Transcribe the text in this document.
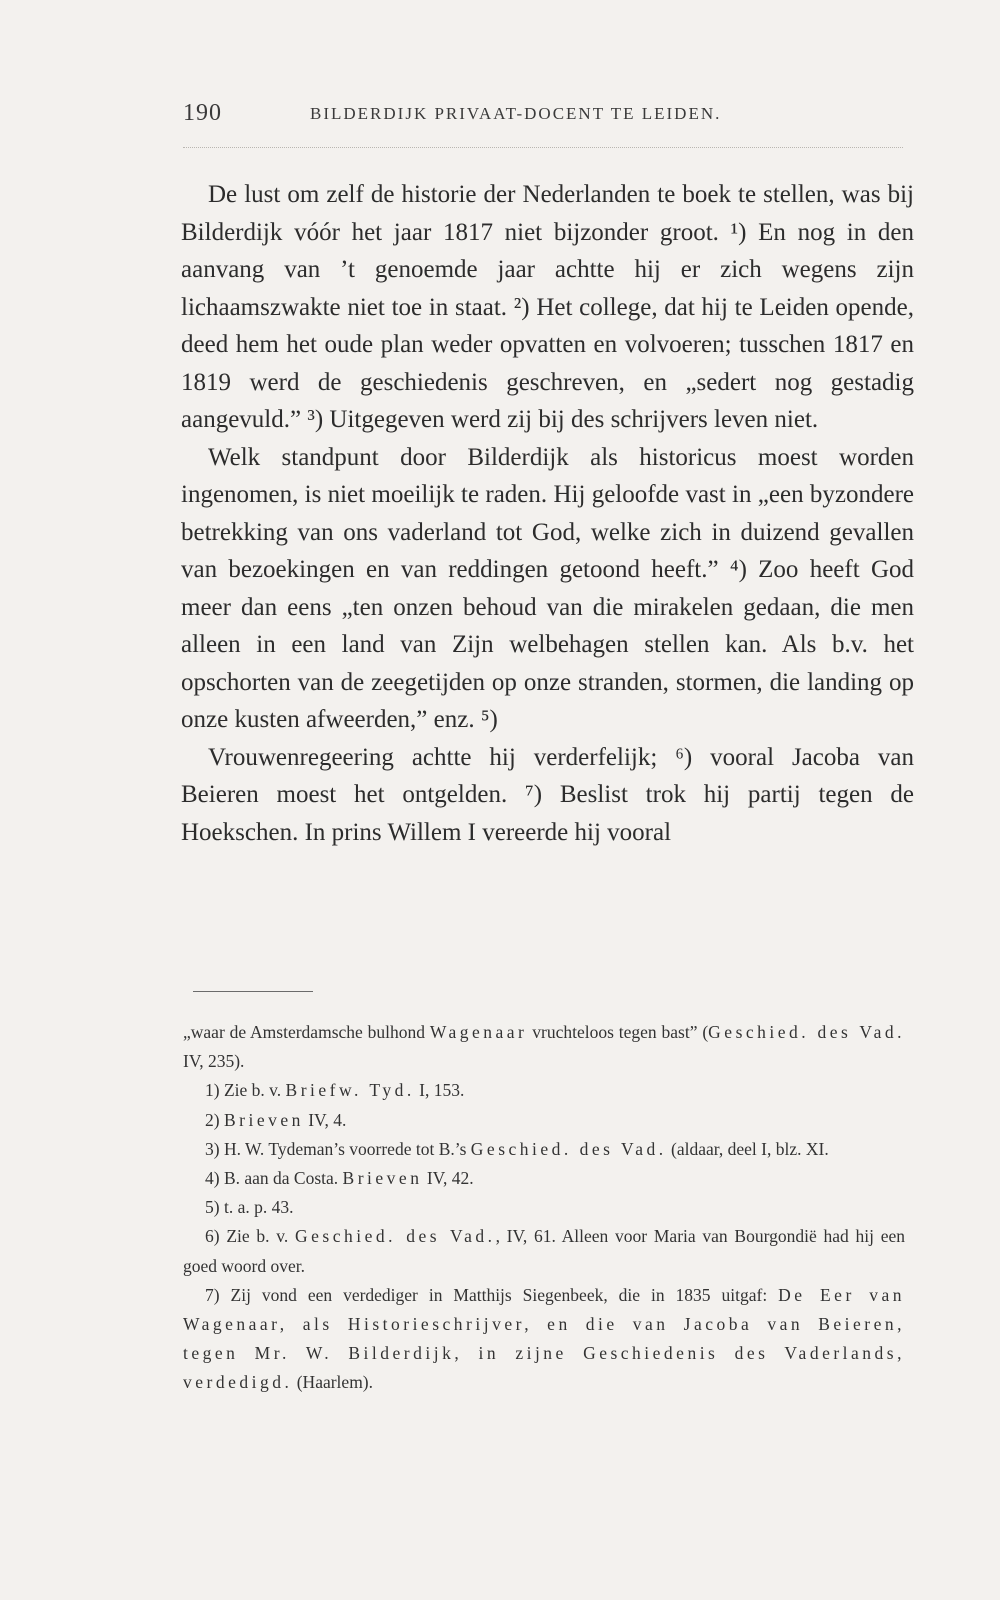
190	BILDERDIJK PRIVAAT-DOCENT TE LEIDEN.

De lust om zelf de historie der Nederlanden te boek te stellen, was bij Bilderdijk vóór het jaar 1817 niet bijzonder groot. ¹) En nog in den aanvang van ’t genoemde jaar achtte hij er zich wegens zijn lichaamszwakte niet toe in staat. ²) Het college, dat hij te Leiden opende, deed hem het oude plan weder opvatten en volvoeren; tusschen 1817 en 1819 werd de geschiedenis geschreven, en „sedert nog gestadig aangevuld.” ³) Uitgegeven werd zij bij des schrijvers leven niet.

Welk standpunt door Bilderdijk als historicus moest worden ingenomen, is niet moeilijk te raden. Hij geloofde vast in „een byzondere betrekking van ons vaderland tot God, welke zich in duizend gevallen van bezoekingen en van reddingen getoond heeft.” ⁴) Zoo heeft God meer dan eens „ten onzen behoud van die mirakelen gedaan, die men alleen in een land van Zijn welbehagen stellen kan. Als b.v. het opschorten van de zeegetijden op onze stranden, stormen, die landing op onze kusten afweerden,” enz. ⁵)

Vrouwenregeering achtte hij verderfelijk; ⁶) vooral Jacoba van Beieren moest het ontgelden. ⁷) Beslist trok hij partij tegen de Hoekschen. In prins Willem I vereerde hij vooral

„waar de Amsterdamsche bulhond Wagenaar vruchteloos tegen bast” (Geschied. des Vad. IV, 235).

1) Zie b. v. Briefw. Tyd. I, 153.

2) Brieven IV, 4.

3) H. W. Tydeman’s voorrede tot B.’s Geschied. des Vad. (aldaar, deel I, blz. XI.

4) B. aan da Costa. Brieven IV, 42.

5) t. a. p. 43.

6) Zie b. v. Geschied. des Vad., IV, 61. Alleen voor Maria van Bourgondië had hij een goed woord over.

7) Zij vond een verdediger in Matthijs Siegenbeek, die in 1835 uitgaf: De Eer van Wagenaar, als Historieschrijver, en die van Jacoba van Beieren, tegen Mr. W. Bilderdijk, in zijne Geschiedenis des Vaderlands, verdedigd. (Haarlem).
